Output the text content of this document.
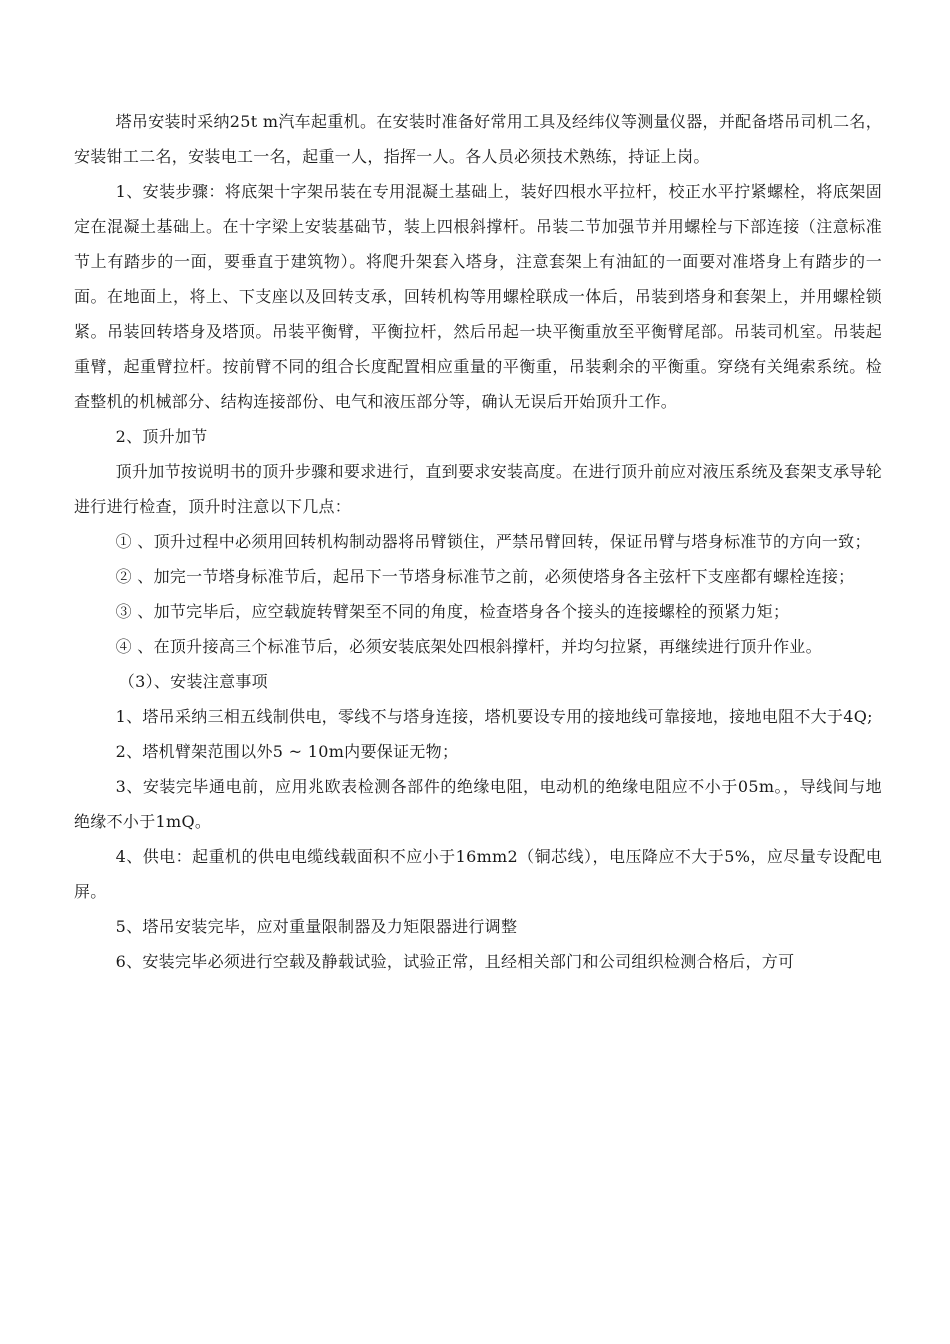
塔吊安装时采纳25t m汽车起重机。在安装时准备好常用工具及经纬仪等测量仪器，并配备塔吊司机二名，安装钳工二名，安装电工一名，起重一人，指挥一人。各人员必须技术熟练，持证上岗。

1、安装步骤：将底架十字架吊装在专用混凝土基础上，装好四根水平拉杆，校正水平拧紧螺栓，将底架固定在混凝土基础上。在十字梁上安装基础节，装上四根斜撑杆。吊装二节加强节并用螺栓与下部连接（注意标准节上有踏步的一面，要垂直于建筑物）。将爬升架套入塔身，注意套架上有油缸的一面要对准塔身上有踏步的一面。在地面上，将上、下支座以及回转支承，回转机构等用螺栓联成一体后，吊装到塔身和套架上，并用螺栓锁紧。吊装回转塔身及塔顶。吊装平衡臂，平衡拉杆，然后吊起一块平衡重放至平衡臂尾部。吊装司机室。吊装起重臂，起重臂拉杆。按前臂不同的组合长度配置相应重量的平衡重，吊装剩余的平衡重。穿绕有关绳索系统。检查整机的机械部分、结构连接部份、电气和液压部分等，确认无误后开始顶升工作。

2、顶升加节

顶升加节按说明书的顶升步骤和要求进行，直到要求安装高度。在进行顶升前应对液压系统及套架支承导轮进行进行检查，顶升时注意以下几点：

① 、顶升过程中必须用回转机构制动器将吊臂锁住，严禁吊臂回转，保证吊臂与塔身标准节的方向一致；

② 、加完一节塔身标准节后，起吊下一节塔身标准节之前，必须使塔身各主弦杆下支座都有螺栓连接；

③ 、加节完毕后，应空载旋转臂架至不同的角度，检查塔身各个接头的连接螺栓的预紧力矩；

④ 、在顶升接高三个标准节后，必须安装底架处四根斜撑杆，并均匀拉紧，再继续进行顶升作业。

（3）、安装注意事项

1、塔吊采纳三相五线制供电，零线不与塔身连接，塔机要设专用的接地线可靠接地，接地电阻不大于4Q;

2、塔机臂架范围以外5 ~ 10m内要保证无物；

3、安装完毕通电前，应用兆欧表检测各部件的绝缘电阻，电动机的绝缘电阻应不小于05m。，导线间与地绝缘不小于1mQ。

4、供电：起重机的供电电缆线载面积不应小于16mm2（铜芯线），电压降应不大于5%，应尽量专设配电屏。

5、塔吊安装完毕，应对重量限制器及力矩限器进行调整

6、安装完毕必须进行空载及静载试验，试验正常，且经相关部门和公司组织检测合格后，方可
